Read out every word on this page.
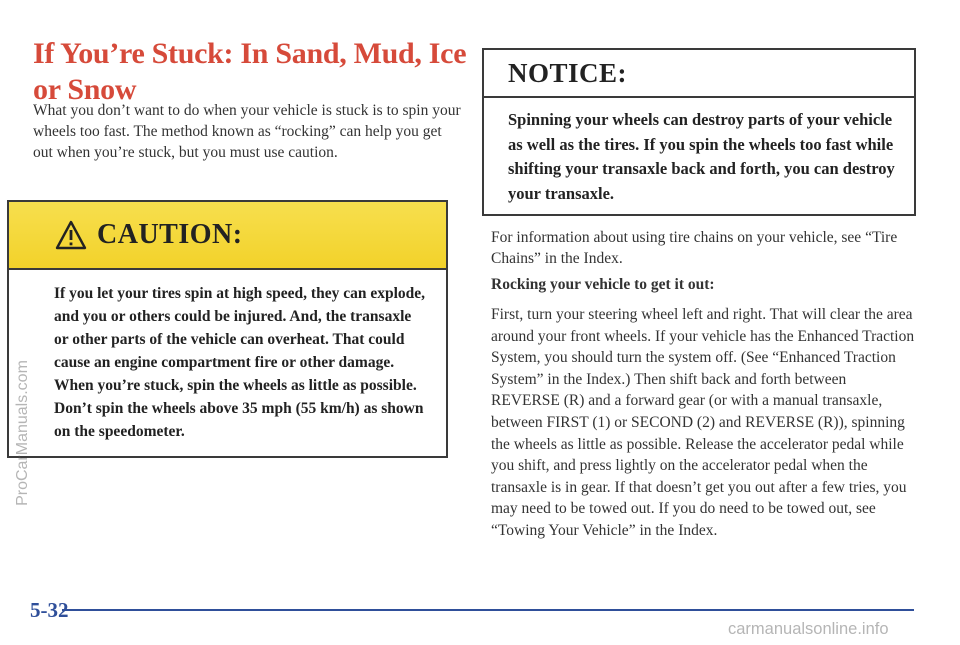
If You’re Stuck: In Sand, Mud, Ice or Snow
What you don’t want to do when your vehicle is stuck is to spin your wheels too fast. The method known as “rocking” can help you get out when you’re stuck, but you must use caution.
CAUTION:
If you let your tires spin at high speed, they can explode, and you or others could be injured. And, the transaxle or other parts of the vehicle can overheat. That could cause an engine compartment fire or other damage. When you’re stuck, spin the wheels as little as possible. Don’t spin the wheels above 35 mph (55 km/h) as shown on the speedometer.
NOTICE:
Spinning your wheels can destroy parts of your vehicle as well as the tires. If you spin the wheels too fast while shifting your transaxle back and forth, you can destroy your transaxle.
For information about using tire chains on your vehicle, see “Tire Chains” in the Index.
Rocking your vehicle to get it out:
First, turn your steering wheel left and right. That will clear the area around your front wheels. If your vehicle has the Enhanced Traction System, you should turn the system off. (See “Enhanced Traction System” in the Index.) Then shift back and forth between REVERSE (R) and a forward gear (or with a manual transaxle, between FIRST (1) or SECOND (2) and REVERSE (R)), spinning the wheels as little as possible. Release the accelerator pedal while you shift, and press lightly on the accelerator pedal when the transaxle is in gear. If that doesn’t get you out after a few tries, you may need to be towed out. If you do need to be towed out, see “Towing Your Vehicle” in the Index.
5-32
ProCarManuals.com
carmanualsonline.info
